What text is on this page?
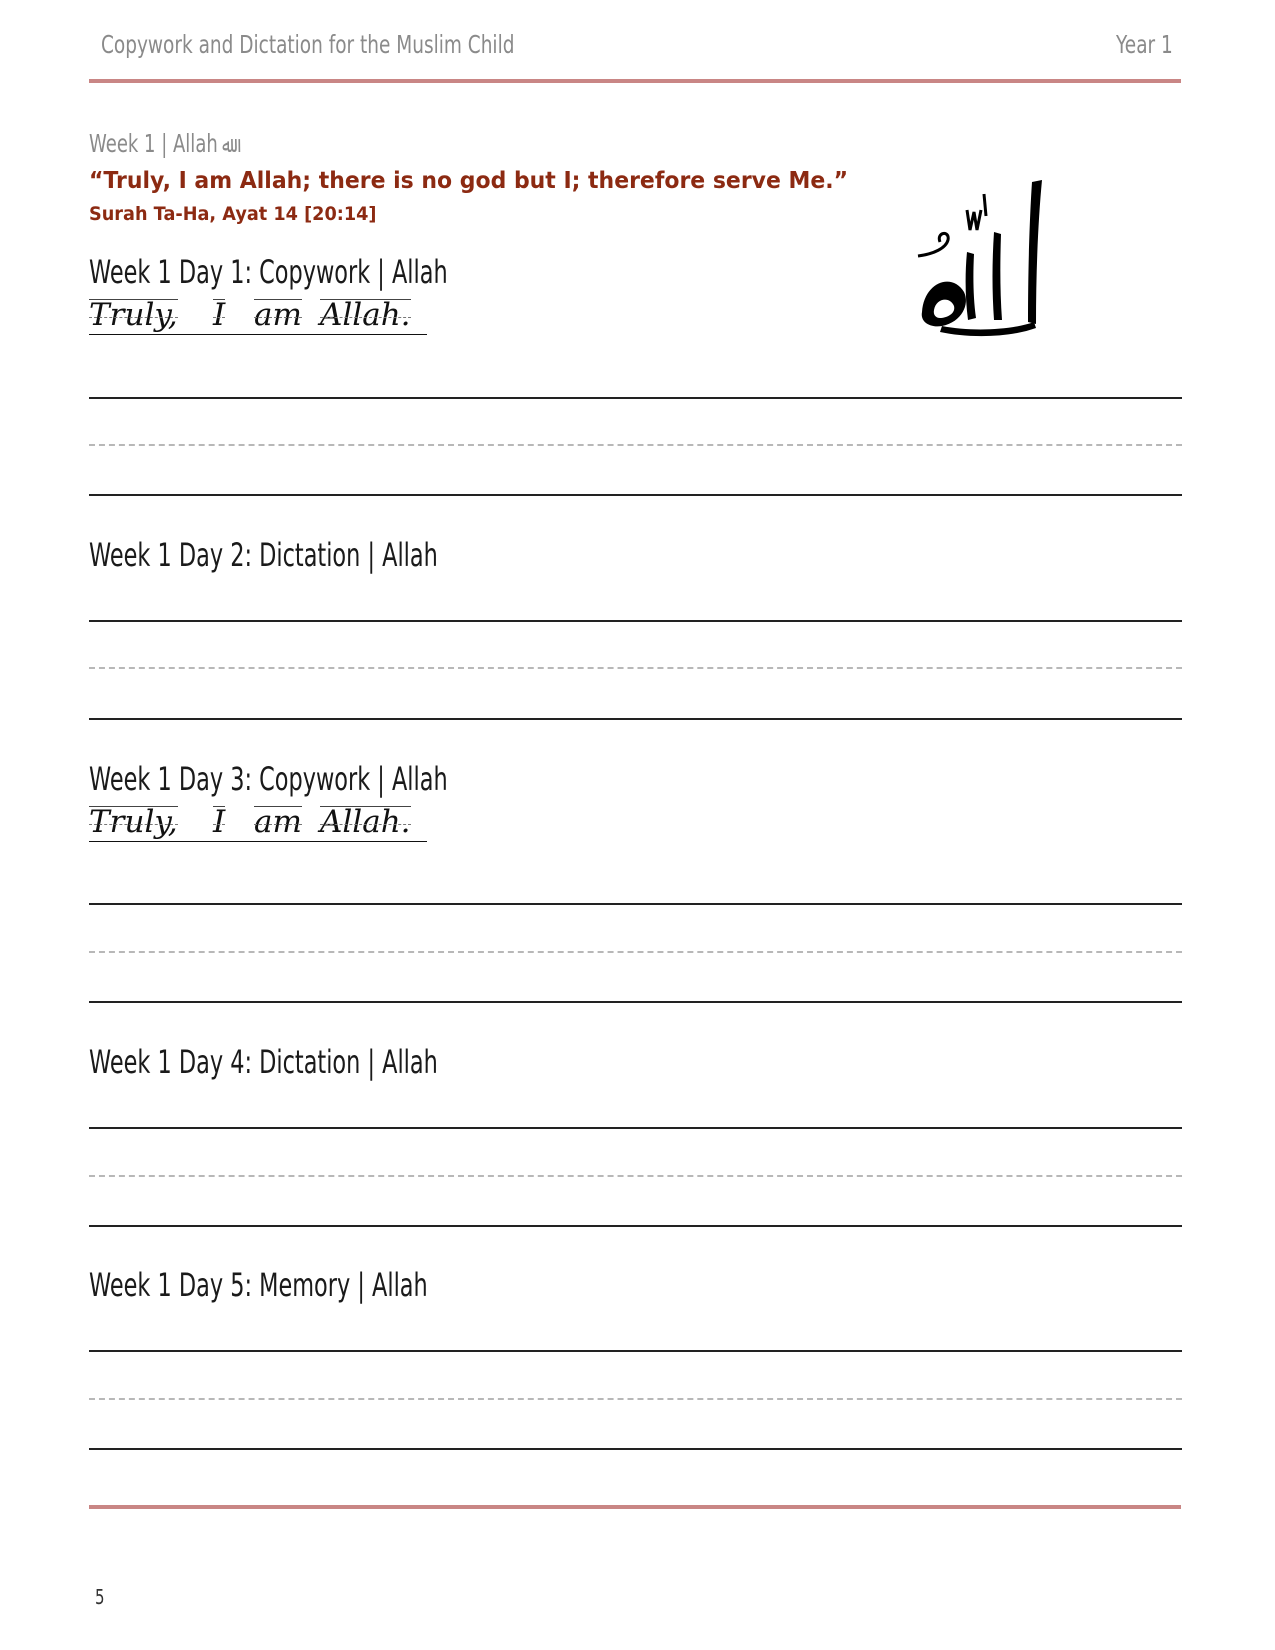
Copywork and Dictation for the Muslim Child	Year 1
Week 1 | Allah ﷲ
“Truly, I am Allah; there is no god but I; therefore serve Me.”
Surah Ta-Ha, Ayat 14 [20:14]
Week 1 Day 1: Copywork | Allah
Truly, I am Allah.
Week 1 Day 2: Dictation | Allah
Week 1 Day 3: Copywork | Allah
Truly, I am Allah.
Week 1 Day 4: Dictation | Allah
Week 1 Day 5: Memory | Allah
5
